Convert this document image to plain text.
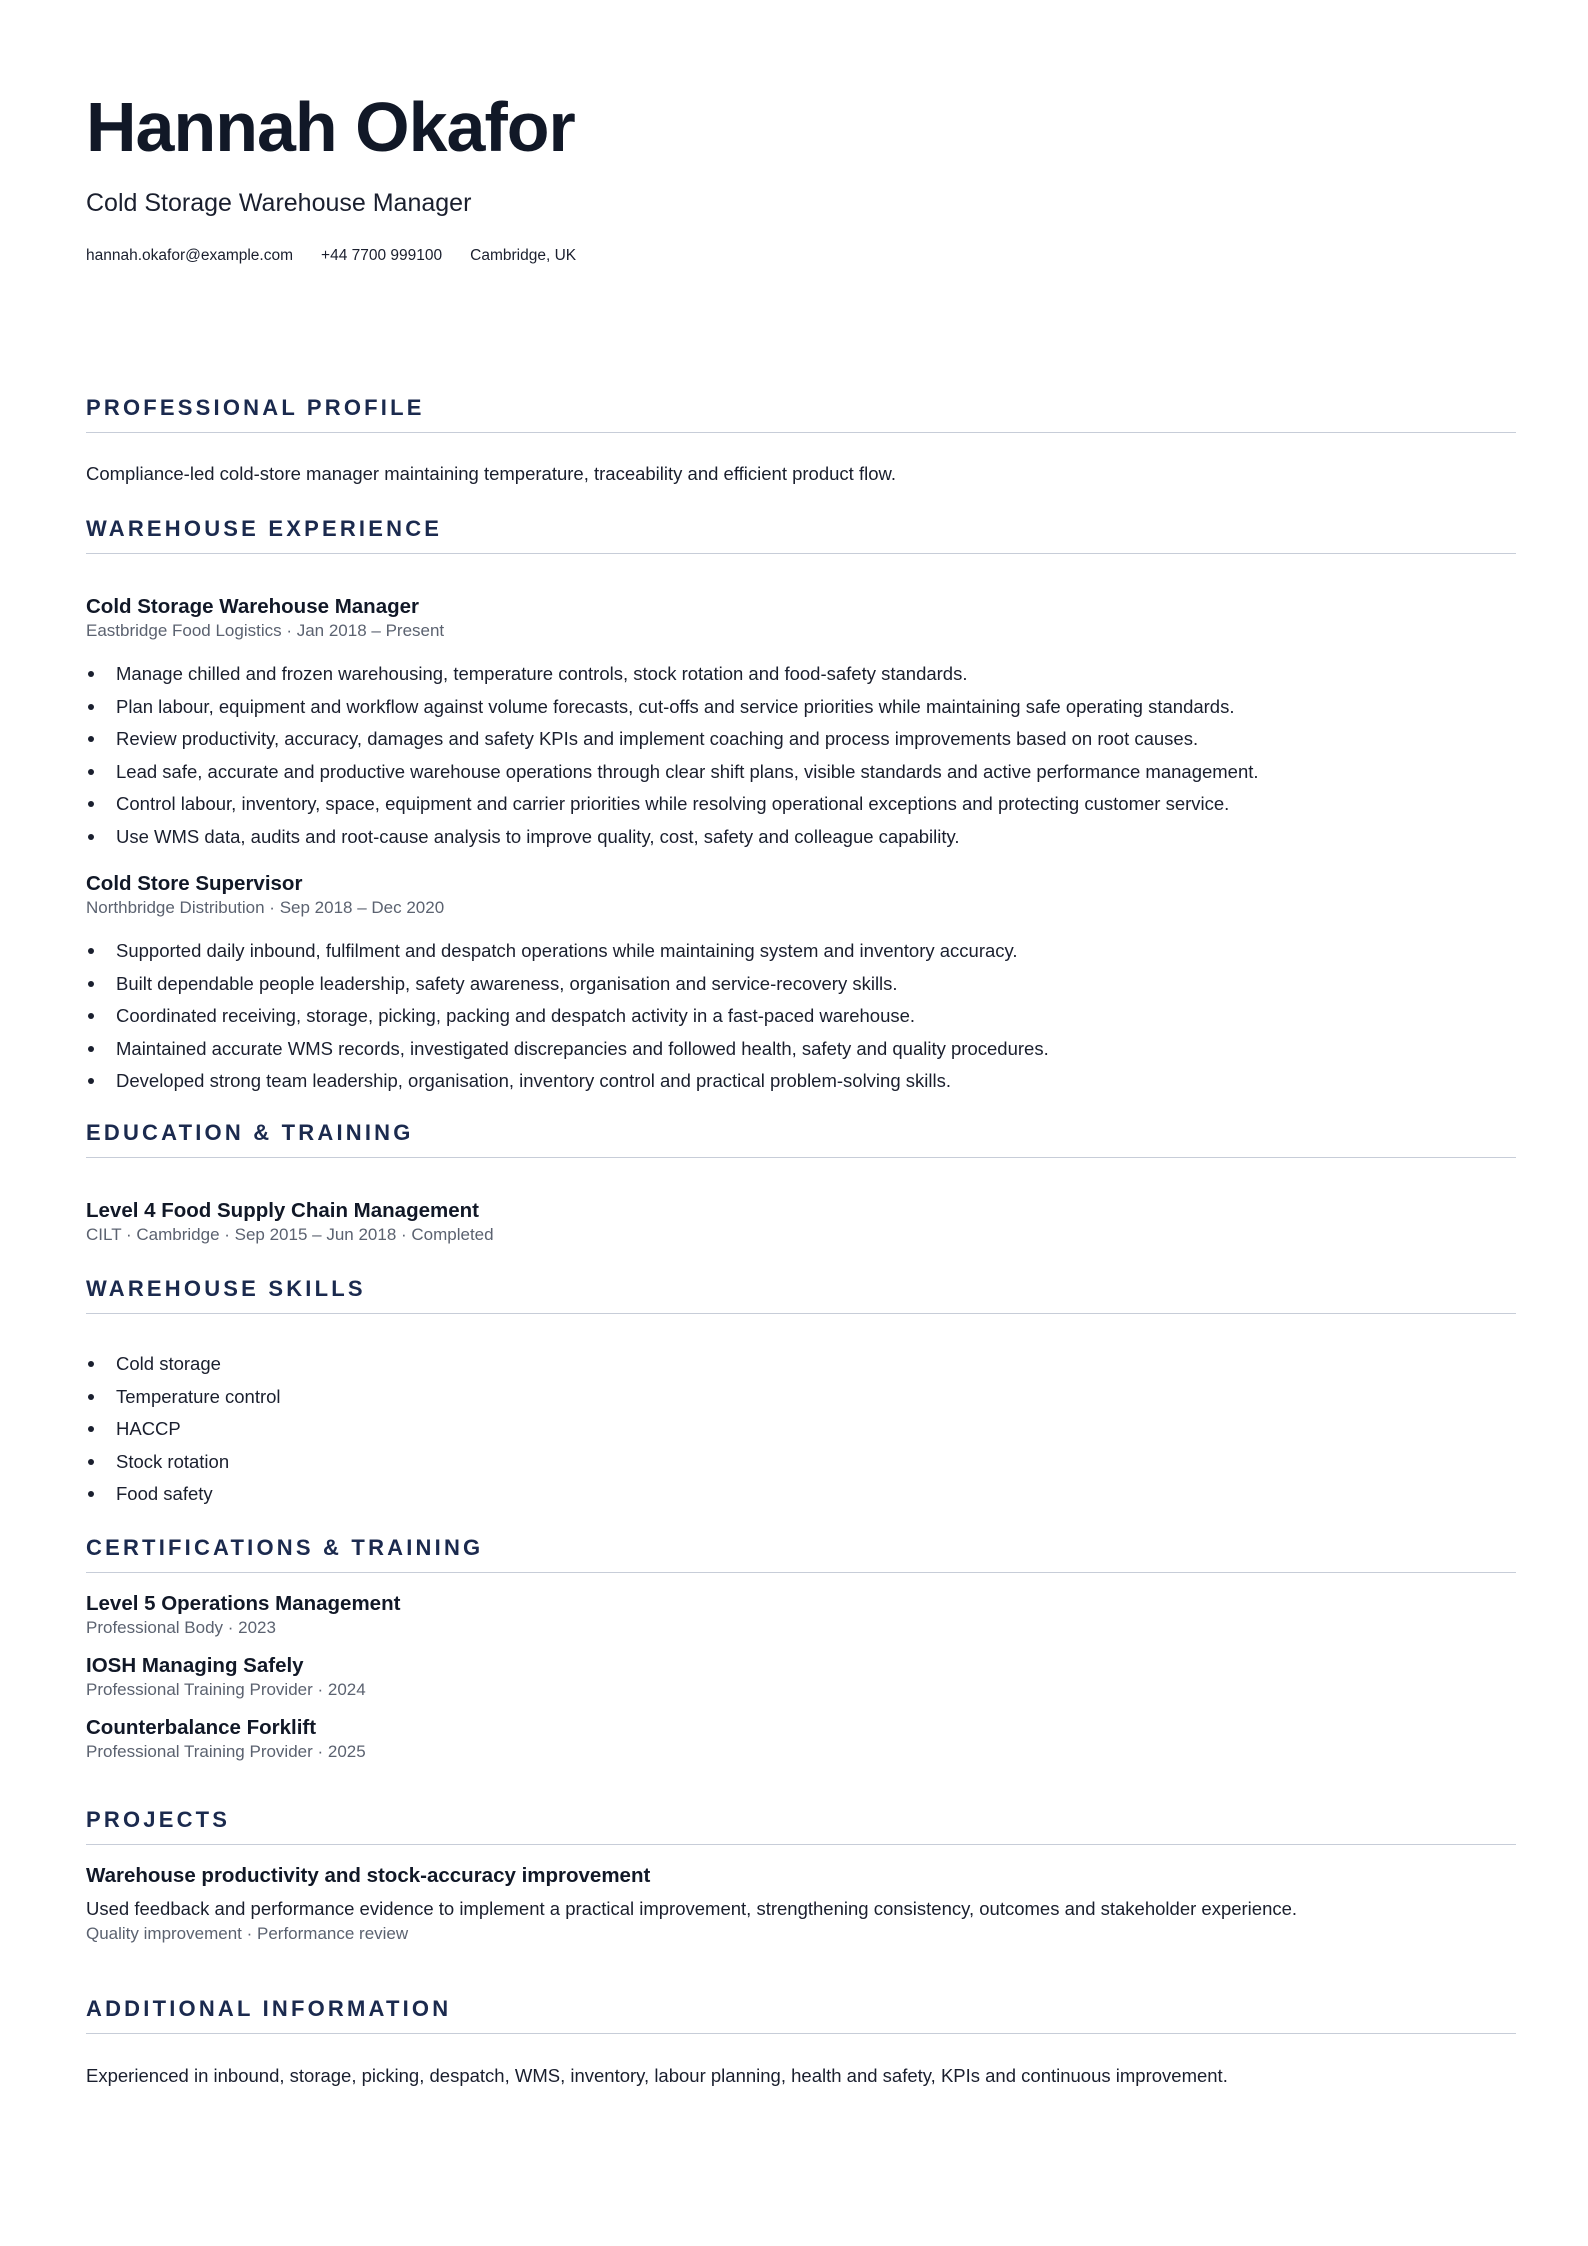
Hannah Okafor
Cold Storage Warehouse Manager
hannah.okafor@example.com +44 7700 999100 Cambridge, UK
PROFESSIONAL PROFILE
Compliance-led cold-store manager maintaining temperature, traceability and efficient product flow.
WAREHOUSE EXPERIENCE
Cold Storage Warehouse Manager
Eastbridge Food Logistics · Jan 2018 – Present
Manage chilled and frozen warehousing, temperature controls, stock rotation and food-safety standards.
Plan labour, equipment and workflow against volume forecasts, cut-offs and service priorities while maintaining safe operating standards.
Review productivity, accuracy, damages and safety KPIs and implement coaching and process improvements based on root causes.
Lead safe, accurate and productive warehouse operations through clear shift plans, visible standards and active performance management.
Control labour, inventory, space, equipment and carrier priorities while resolving operational exceptions and protecting customer service.
Use WMS data, audits and root-cause analysis to improve quality, cost, safety and colleague capability.
Cold Store Supervisor
Northbridge Distribution · Sep 2018 – Dec 2020
Supported daily inbound, fulfilment and despatch operations while maintaining system and inventory accuracy.
Built dependable people leadership, safety awareness, organisation and service-recovery skills.
Coordinated receiving, storage, picking, packing and despatch activity in a fast-paced warehouse.
Maintained accurate WMS records, investigated discrepancies and followed health, safety and quality procedures.
Developed strong team leadership, organisation, inventory control and practical problem-solving skills.
EDUCATION & TRAINING
Level 4 Food Supply Chain Management
CILT · Cambridge · Sep 2015 – Jun 2018 · Completed
WAREHOUSE SKILLS
Cold storage
Temperature control
HACCP
Stock rotation
Food safety
CERTIFICATIONS & TRAINING
Level 5 Operations Management
Professional Body · 2023
IOSH Managing Safely
Professional Training Provider · 2024
Counterbalance Forklift
Professional Training Provider · 2025
PROJECTS
Warehouse productivity and stock-accuracy improvement
Used feedback and performance evidence to implement a practical improvement, strengthening consistency, outcomes and stakeholder experience.
Quality improvement · Performance review
ADDITIONAL INFORMATION
Experienced in inbound, storage, picking, despatch, WMS, inventory, labour planning, health and safety, KPIs and continuous improvement.
